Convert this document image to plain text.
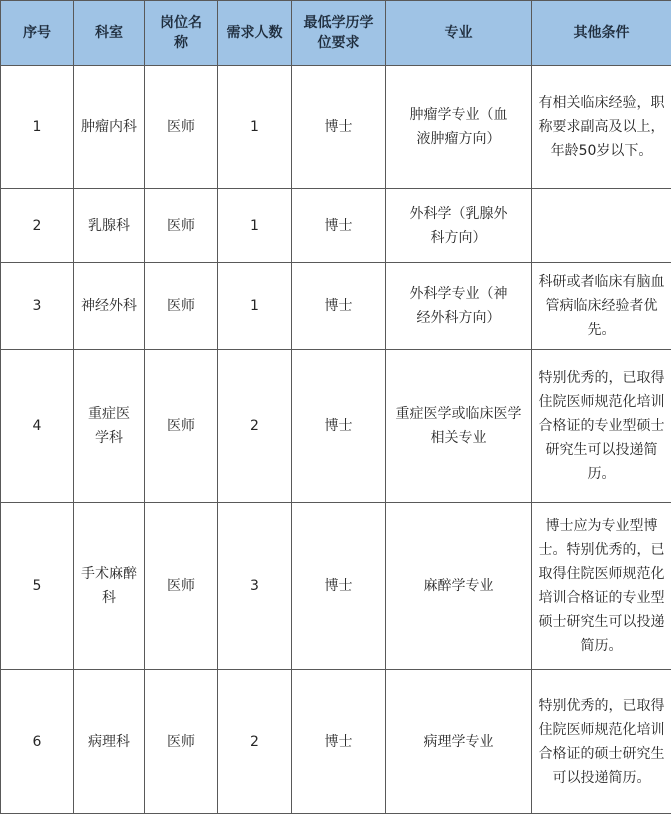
序号	科室	岗位名称	需求人数	最低学历学位要求	专业	其他条件
1	肿瘤内科	医师	1	博士	肿瘤学专业（血液肿瘤方向）	有相关临床经验，职称要求副高及以上，年龄50岁以下。
2	乳腺科	医师	1	博士	外科学（乳腺外科方向）	
3	神经外科	医师	1	博士	外科学专业（神经外科方向）	科研或者临床有脑血管病临床经验者优先。
4	重症医学科	医师	2	博士	重症医学或临床医学相关专业	特别优秀的，已取得住院医师规范化培训合格证的专业型硕士研究生可以投递简历。
5	手术麻醉科	医师	3	博士	麻醉学专业	博士应为专业型博士。特别优秀的，已取得住院医师规范化培训合格证的专业型硕士研究生可以投递简历。
6	病理科	医师	2	博士	病理学专业	特别优秀的，已取得住院医师规范化培训合格证的硕士研究生可以投递简历。
